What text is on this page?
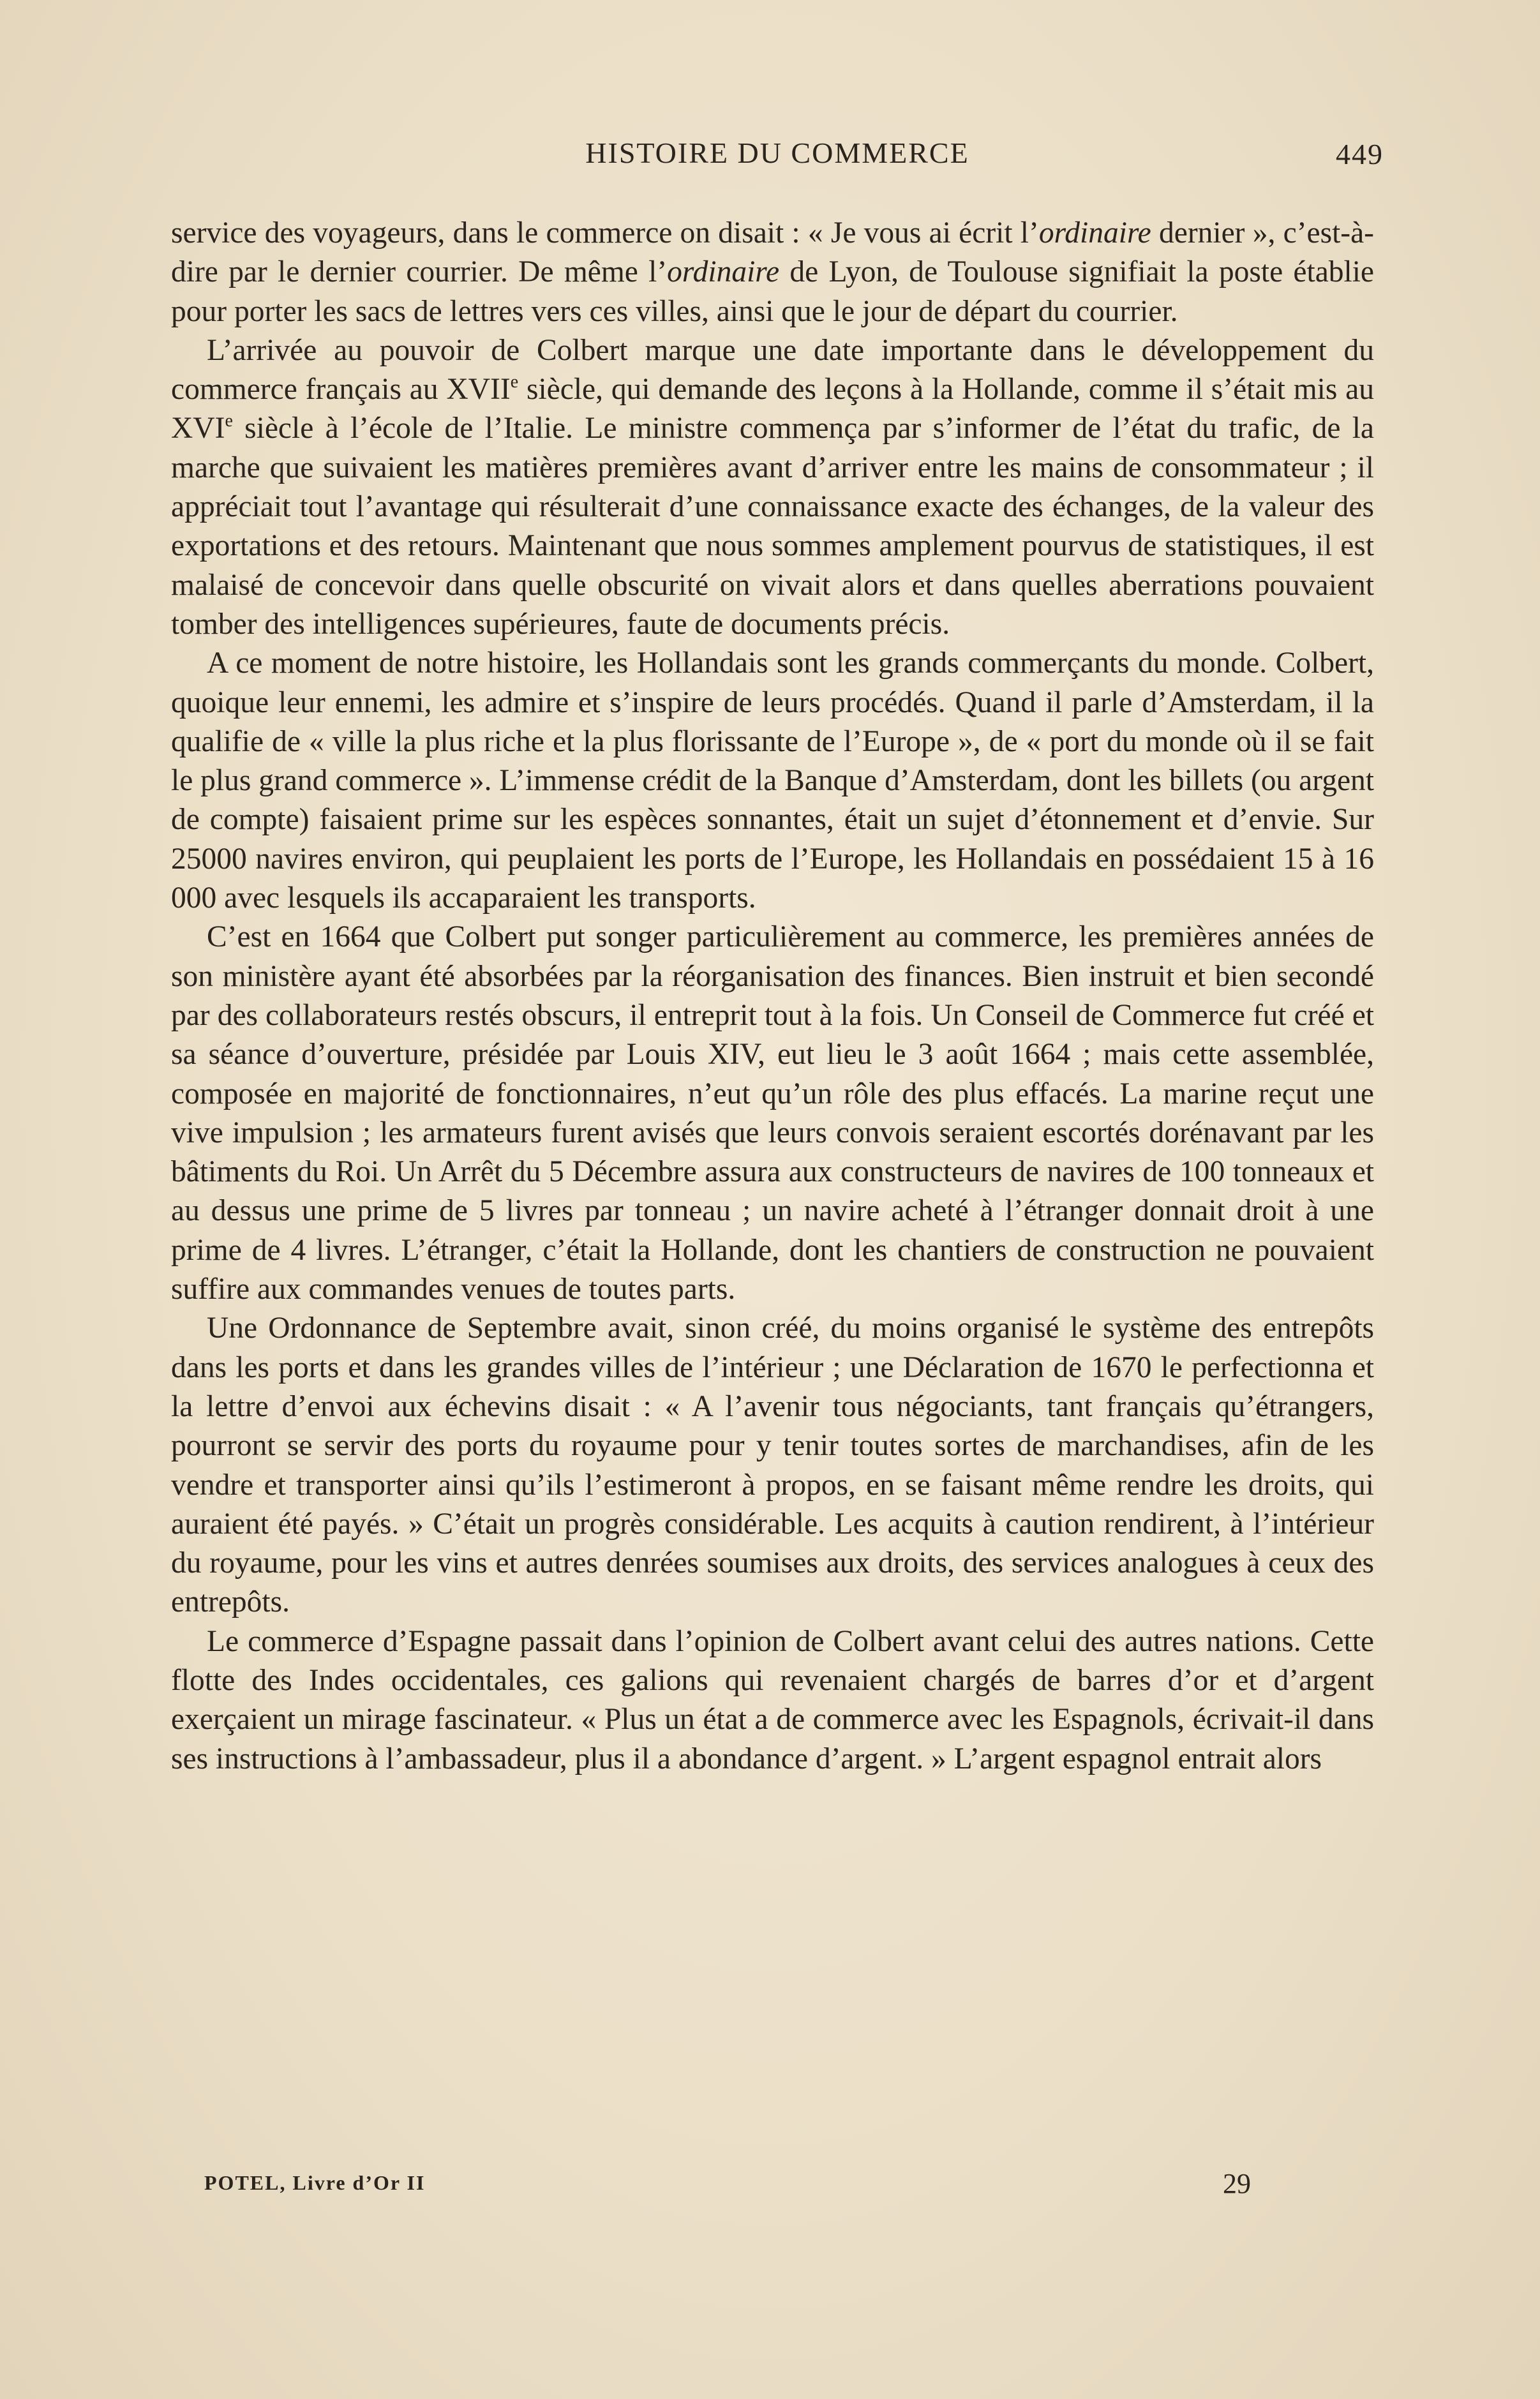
HISTOIRE DU COMMERCE	449

service des voyageurs, dans le commerce on disait : « Je vous ai écrit l’ordinaire dernier », c’est-à-dire par le dernier courrier. De même l’ordinaire de Lyon, de Toulouse signifiait la poste établie pour porter les sacs de lettres vers ces villes, ainsi que le jour de départ du courrier.

L’arrivée au pouvoir de Colbert marque une date importante dans le développement du commerce français au XVIIe siècle, qui demande des leçons à la Hollande, comme il s’était mis au XVIe siècle à l’école de l’Italie. Le ministre commença par s’informer de l’état du trafic, de la marche que suivaient les matières premières avant d’arriver entre les mains de consommateur ; il appréciait tout l’avantage qui résulterait d’une connaissance exacte des échanges, de la valeur des exportations et des retours. Maintenant que nous sommes amplement pourvus de statistiques, il est malaisé de concevoir dans quelle obscurité on vivait alors et dans quelles aberrations pouvaient tomber des intelligences supérieures, faute de documents précis.

A ce moment de notre histoire, les Hollandais sont les grands commerçants du monde. Colbert, quoique leur ennemi, les admire et s’inspire de leurs procédés. Quand il parle d’Amsterdam, il la qualifie de « ville la plus riche et la plus florissante de l’Europe », de « port du monde où il se fait le plus grand commerce ». L’immense crédit de la Banque d’Amsterdam, dont les billets (ou argent de compte) faisaient prime sur les espèces sonnantes, était un sujet d’étonnement et d’envie. Sur 25000 navires environ, qui peuplaient les ports de l’Europe, les Hollandais en possédaient 15 à 16 000 avec lesquels ils accaparaient les transports.

C’est en 1664 que Colbert put songer particulièrement au commerce, les premières années de son ministère ayant été absorbées par la réorganisation des finances. Bien instruit et bien secondé par des collaborateurs restés obscurs, il entreprit tout à la fois. Un Conseil de Commerce fut créé et sa séance d’ouverture, présidée par Louis XIV, eut lieu le 3 août 1664 ; mais cette assemblée, composée en majorité de fonctionnaires, n’eut qu’un rôle des plus effacés. La marine reçut une vive impulsion ; les armateurs furent avisés que leurs convois seraient escortés dorénavant par les bâtiments du Roi. Un Arrêt du 5 Décembre assura aux constructeurs de navires de 100 tonneaux et au dessus une prime de 5 livres par tonneau ; un navire acheté à l’étranger donnait droit à une prime de 4 livres. L’étranger, c’était la Hollande, dont les chantiers de construction ne pouvaient suffire aux commandes venues de toutes parts.

Une Ordonnance de Septembre avait, sinon créé, du moins organisé le système des entrepôts dans les ports et dans les grandes villes de l’intérieur ; une Déclaration de 1670 le perfectionna et la lettre d’envoi aux échevins disait : « A l’avenir tous négociants, tant français qu’étrangers, pourront se servir des ports du royaume pour y tenir toutes sortes de marchandises, afin de les vendre et transporter ainsi qu’ils l’estimeront à propos, en se faisant même rendre les droits, qui auraient été payés. » C’était un progrès considérable. Les acquits à caution rendirent, à l’intérieur du royaume, pour les vins et autres denrées soumises aux droits, des services analogues à ceux des entrepôts.

Le commerce d’Espagne passait dans l’opinion de Colbert avant celui des autres nations. Cette flotte des Indes occidentales, ces galions qui revenaient chargés de barres d’or et d’argent exerçaient un mirage fascinateur. « Plus un état a de commerce avec les Espagnols, écrivait-il dans ses instructions à l’ambassadeur, plus il a abondance d’argent. » L’argent espagnol entrait alors

POTEL, Livre d’Or II	29
